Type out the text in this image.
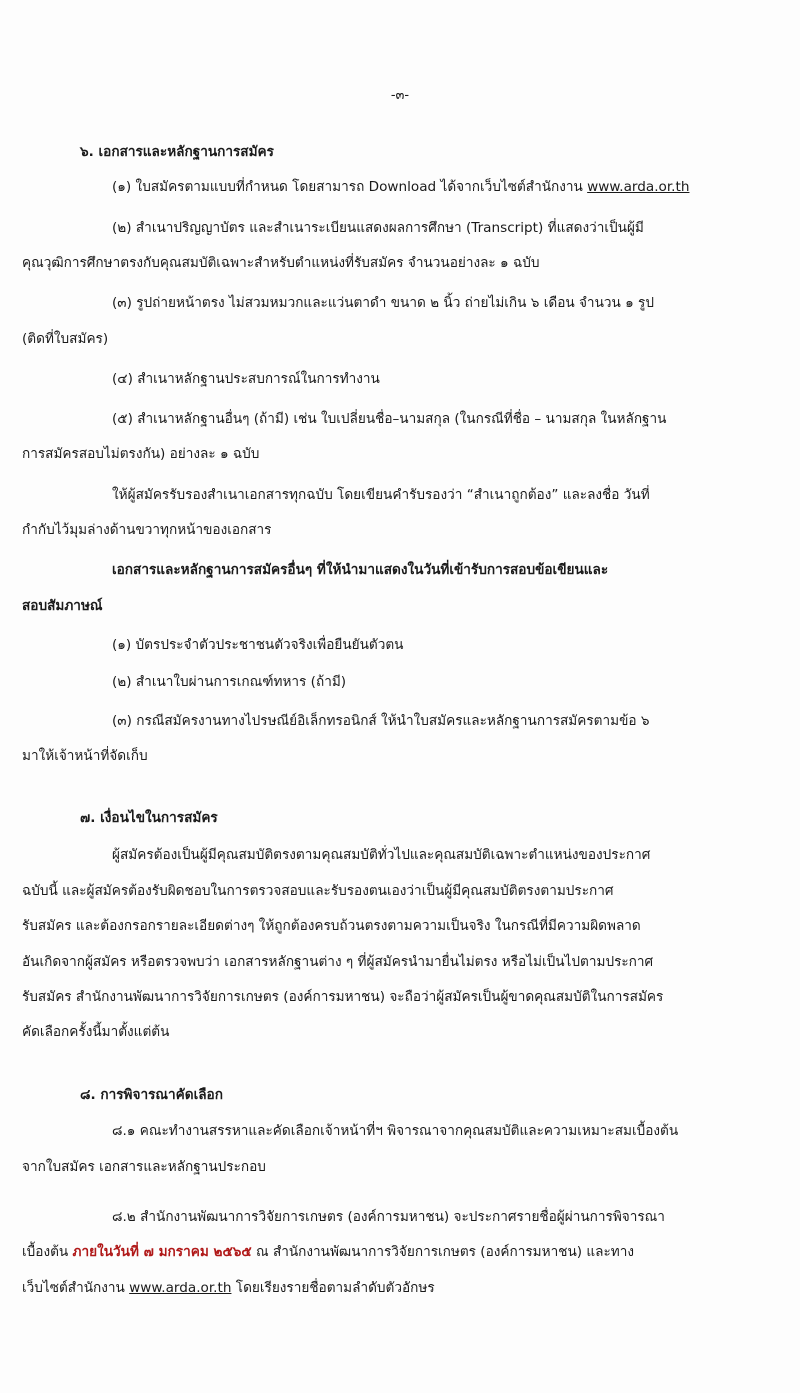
-๓-
๖. เอกสารและหลักฐานการสมัคร
(๑) ใบสมัครตามแบบที่กำหนด โดยสามารถ Download ได้จากเว็บไซต์สำนักงาน www.arda.or.th
(๒) สำเนาปริญญาบัตร และสำเนาระเบียนแสดงผลการศึกษา (Transcript) ที่แสดงว่าเป็นผู้มี
คุณวุฒิการศึกษาตรงกับคุณสมบัติเฉพาะสำหรับตำแหน่งที่รับสมัคร จำนวนอย่างละ ๑ ฉบับ
(๓) รูปถ่ายหน้าตรง ไม่สวมหมวกและแว่นตาดำ ขนาด ๒ นิ้ว ถ่ายไม่เกิน ๖ เดือน จำนวน ๑ รูป
(ติดที่ใบสมัคร)
(๔) สำเนาหลักฐานประสบการณ์ในการทำงาน
(๕) สำเนาหลักฐานอื่นๆ (ถ้ามี) เช่น ใบเปลี่ยนชื่อ–นามสกุล (ในกรณีที่ชื่อ – นามสกุล ในหลักฐาน
การสมัครสอบไม่ตรงกัน) อย่างละ ๑ ฉบับ
ให้ผู้สมัครรับรองสำเนาเอกสารทุกฉบับ โดยเขียนคำรับรองว่า “สำเนาถูกต้อง” และลงชื่อ วันที่
กำกับไว้มุมล่างด้านขวาทุกหน้าของเอกสาร
เอกสารและหลักฐานการสมัครอื่นๆ ที่ให้นำมาแสดงในวันที่เข้ารับการสอบข้อเขียนและ
สอบสัมภาษณ์
(๑) บัตรประจำตัวประชาชนตัวจริงเพื่อยืนยันตัวตน
(๒) สำเนาใบผ่านการเกณฑ์ทหาร (ถ้ามี)
(๓) กรณีสมัครงานทางไปรษณีย์อิเล็กทรอนิกส์ ให้นำใบสมัครและหลักฐานการสมัครตามข้อ ๖
มาให้เจ้าหน้าที่จัดเก็บ
๗. เงื่อนไขในการสมัคร
ผู้สมัครต้องเป็นผู้มีคุณสมบัติตรงตามคุณสมบัติทั่วไปและคุณสมบัติเฉพาะตำแหน่งของประกาศ
ฉบับนี้ และผู้สมัครต้องรับผิดชอบในการตรวจสอบและรับรองตนเองว่าเป็นผู้มีคุณสมบัติตรงตามประกาศ
รับสมัคร และต้องกรอกรายละเอียดต่างๆ ให้ถูกต้องครบถ้วนตรงตามความเป็นจริง ในกรณีที่มีความผิดพลาด
อันเกิดจากผู้สมัคร หรือตรวจพบว่า เอกสารหลักฐานต่าง ๆ ที่ผู้สมัครนำมายื่นไม่ตรง หรือไม่เป็นไปตามประกาศ
รับสมัคร สำนักงานพัฒนาการวิจัยการเกษตร (องค์การมหาชน) จะถือว่าผู้สมัครเป็นผู้ขาดคุณสมบัติในการสมัคร
คัดเลือกครั้งนี้มาตั้งแต่ต้น
๘. การพิจารณาคัดเลือก
๘.๑ คณะทำงานสรรหาและคัดเลือกเจ้าหน้าที่ฯ พิจารณาจากคุณสมบัติและความเหมาะสมเบื้องต้น
จากใบสมัคร เอกสารและหลักฐานประกอบ
๘.๒ สำนักงานพัฒนาการวิจัยการเกษตร (องค์การมหาชน) จะประกาศรายชื่อผู้ผ่านการพิจารณา
เบื้องต้น ภายในวันที่ ๗ มกราคม ๒๕๖๕ ณ สำนักงานพัฒนาการวิจัยการเกษตร (องค์การมหาชน) และทาง
เว็บไซต์สำนักงาน www.arda.or.th โดยเรียงรายชื่อตามลำดับตัวอักษร
